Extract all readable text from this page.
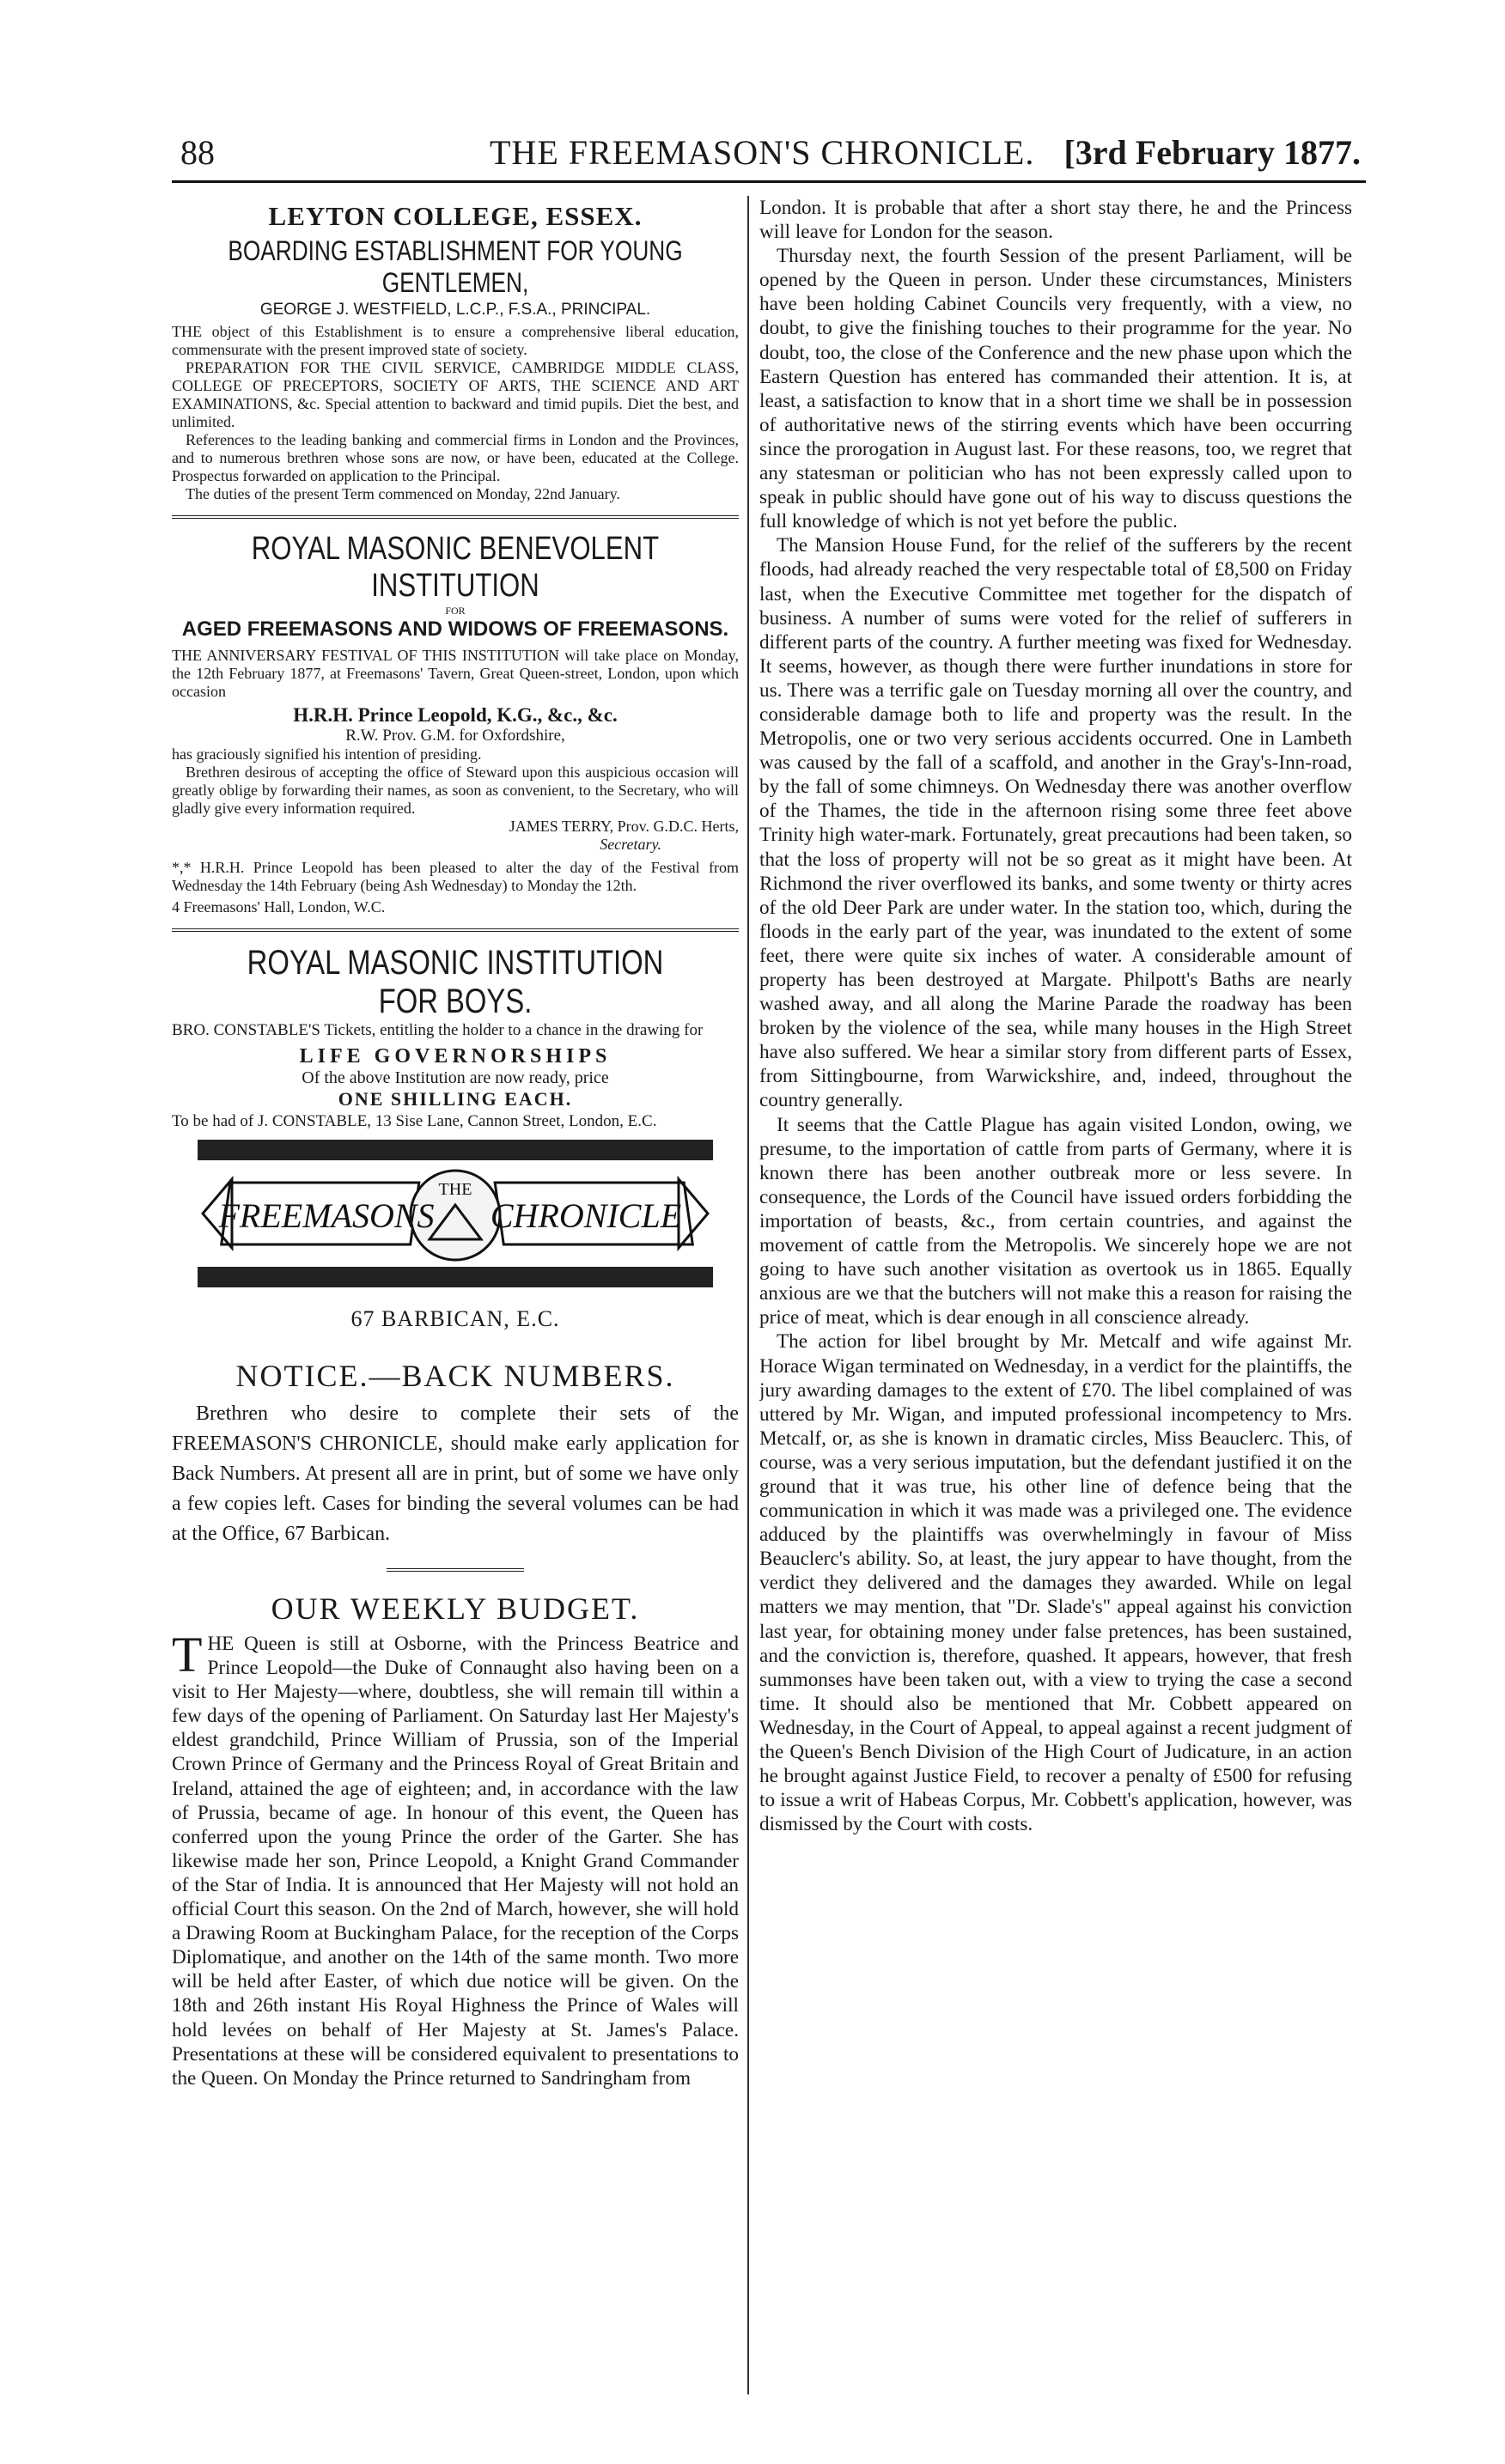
88	THE FREEMASON'S CHRONICLE. [3rd February 1877.
LEYTON COLLEGE, ESSEX.
BOARDING ESTABLISHMENT FOR YOUNG GENTLEMEN,
GEORGE J. WESTFIELD, L.C.P., F.S.A., PRINCIPAL.
THE object of this Establishment is to ensure a comprehensive liberal education, commensurate with the present improved state of society.
PREPARATION FOR THE CIVIL SERVICE, CAMBRIDGE MIDDLE CLASS, COLLEGE OF PRECEPTORS, SOCIETY OF ARTS, THE SCIENCE AND ART EXAMINATIONS, &c. Special attention to backward and timid pupils. Diet the best, and unlimited.
References to the leading banking and commercial firms in London and the Provinces, and to numerous brethren whose sons are now, or have been, educated at the College. Prospectus forwarded on application to the Principal.
The duties of the present Term commenced on Monday, 22nd January.
ROYAL MASONIC BENEVOLENT INSTITUTION
FOR
AGED FREEMASONS AND WIDOWS OF FREEMASONS.
THE ANNIVERSARY FESTIVAL OF THIS INSTITUTION will take place on Monday, the 12th February 1877, at Freemasons' Tavern, Great Queen-street, London, upon which occasion
H.R.H. Prince Leopold, K.G., &c., &c.
R.W. Prov. G.M. for Oxfordshire,
has graciously signified his intention of presiding.
Brethren desirous of accepting the office of Steward upon this auspicious occasion will greatly oblige by forwarding their names, as soon as convenient, to the Secretary, who will gladly give every information required.
JAMES TERRY, Prov. G.D.C. Herts,
Secretary.
*,* H.R.H. Prince Leopold has been pleased to alter the day of the Festival from Wednesday the 14th February (being Ash Wednesday) to Monday the 12th.
4 Freemasons' Hall, London, W.C.
ROYAL MASONIC INSTITUTION FOR BOYS.
BRO. CONSTABLE'S Tickets, entitling the holder to a chance in the drawing for
LIFE GOVERNORSHIPS
Of the above Institution are now ready, price
ONE SHILLING EACH.
To be had of J. CONSTABLE, 13 Sise Lane, Cannon Street, London, E.C.
FREEMASONS CHRONICLE
THE
67 BARBICAN, E.C.
NOTICE.—BACK NUMBERS.
Brethren who desire to complete their sets of the FREEMASON'S CHRONICLE, should make early application for Back Numbers. At present all are in print, but of some we have only a few copies left. Cases for binding the several volumes can be had at the Office, 67 Barbican.
OUR WEEKLY BUDGET.
THE Queen is still at Osborne, with the Princess Beatrice and Prince Leopold—the Duke of Connaught also having been on a visit to Her Majesty—where, doubtless, she will remain till within a few days of the opening of Parliament. On Saturday last Her Majesty's eldest grandchild, Prince William of Prussia, son of the Imperial Crown Prince of Germany and the Princess Royal of Great Britain and Ireland, attained the age of eighteen; and, in accordance with the law of Prussia, became of age. In honour of this event, the Queen has conferred upon the young Prince the order of the Garter. She has likewise made her son, Prince Leopold, a Knight Grand Commander of the Star of India. It is announced that Her Majesty will not hold an official Court this season. On the 2nd of March, however, she will hold a Drawing Room at Buckingham Palace, for the reception of the Corps Diplomatique, and another on the 14th of the same month. Two more will be held after Easter, of which due notice will be given. On the 18th and 26th instant His Royal Highness the Prince of Wales will hold levées on behalf of Her Majesty at St. James's Palace. Presentations at these will be considered equivalent to presentations to the Queen. On Monday the Prince returned to Sandringham from

London. It is probable that after a short stay there, he and the Princess will leave for London for the season.

Thursday next, the fourth Session of the present Parliament, will be opened by the Queen in person. Under these circumstances, Ministers have been holding Cabinet Councils very frequently, with a view, no doubt, to give the finishing touches to their programme for the year. No doubt, too, the close of the Conference and the new phase upon which the Eastern Question has entered has commanded their attention. It is, at least, a satisfaction to know that in a short time we shall be in possession of authoritative news of the stirring events which have been occurring since the prorogation in August last. For these reasons, too, we regret that any statesman or politician who has not been expressly called upon to speak in public should have gone out of his way to discuss questions the full knowledge of which is not yet before the public.

The Mansion House Fund, for the relief of the sufferers by the recent floods, had already reached the very respectable total of £8,500 on Friday last, when the Executive Committee met together for the dispatch of business. A number of sums were voted for the relief of sufferers in different parts of the country. A further meeting was fixed for Wednesday. It seems, however, as though there were further inundations in store for us. There was a terrific gale on Tuesday morning all over the country, and considerable damage both to life and property was the result. In the Metropolis, one or two very serious accidents occurred. One in Lambeth was caused by the fall of a scaffold, and another in the Gray's-Inn-road, by the fall of some chimneys. On Wednesday there was another overflow of the Thames, the tide in the afternoon rising some three feet above Trinity high water-mark. Fortunately, great precautions had been taken, so that the loss of property will not be so great as it might have been. At Richmond the river overflowed its banks, and some twenty or thirty acres of the old Deer Park are under water. In the station too, which, during the floods in the early part of the year, was inundated to the extent of some feet, there were quite six inches of water. A considerable amount of property has been destroyed at Margate. Philpott's Baths are nearly washed away, and all along the Marine Parade the roadway has been broken by the violence of the sea, while many houses in the High Street have also suffered. We hear a similar story from different parts of Essex, from Sittingbourne, from Warwickshire, and, indeed, throughout the country generally.

It seems that the Cattle Plague has again visited London, owing, we presume, to the importation of cattle from parts of Germany, where it is known there has been another outbreak more or less severe. In consequence, the Lords of the Council have issued orders forbidding the importation of beasts, &c., from certain countries, and against the movement of cattle from the Metropolis. We sincerely hope we are not going to have such another visitation as overtook us in 1865. Equally anxious are we that the butchers will not make this a reason for raising the price of meat, which is dear enough in all conscience already.

The action for libel brought by Mr. Metcalf and wife against Mr. Horace Wigan terminated on Wednesday, in a verdict for the plaintiffs, the jury awarding damages to the extent of £70. The libel complained of was uttered by Mr. Wigan, and imputed professional incompetency to Mrs. Metcalf, or, as she is known in dramatic circles, Miss Beauclerc. This, of course, was a very serious imputation, but the defendant justified it on the ground that it was true, his other line of defence being that the communication in which it was made was a privileged one. The evidence adduced by the plaintiffs was overwhelmingly in favour of Miss Beauclerc's ability. So, at least, the jury appear to have thought, from the verdict they delivered and the damages they awarded. While on legal matters we may mention, that "Dr. Slade's" appeal against his conviction last year, for obtaining money under false pretences, has been sustained, and the conviction is, therefore, quashed. It appears, however, that fresh summonses have been taken out, with a view to trying the case a second time. It should also be mentioned that Mr. Cobbett appeared on Wednesday, in the Court of Appeal, to appeal against a recent judgment of the Queen's Bench Division of the High Court of Judicature, in an action he brought against Justice Field, to recover a penalty of £500 for refusing to issue a writ of Habeas Corpus, Mr. Cobbett's application, however, was dismissed by the Court with costs.
